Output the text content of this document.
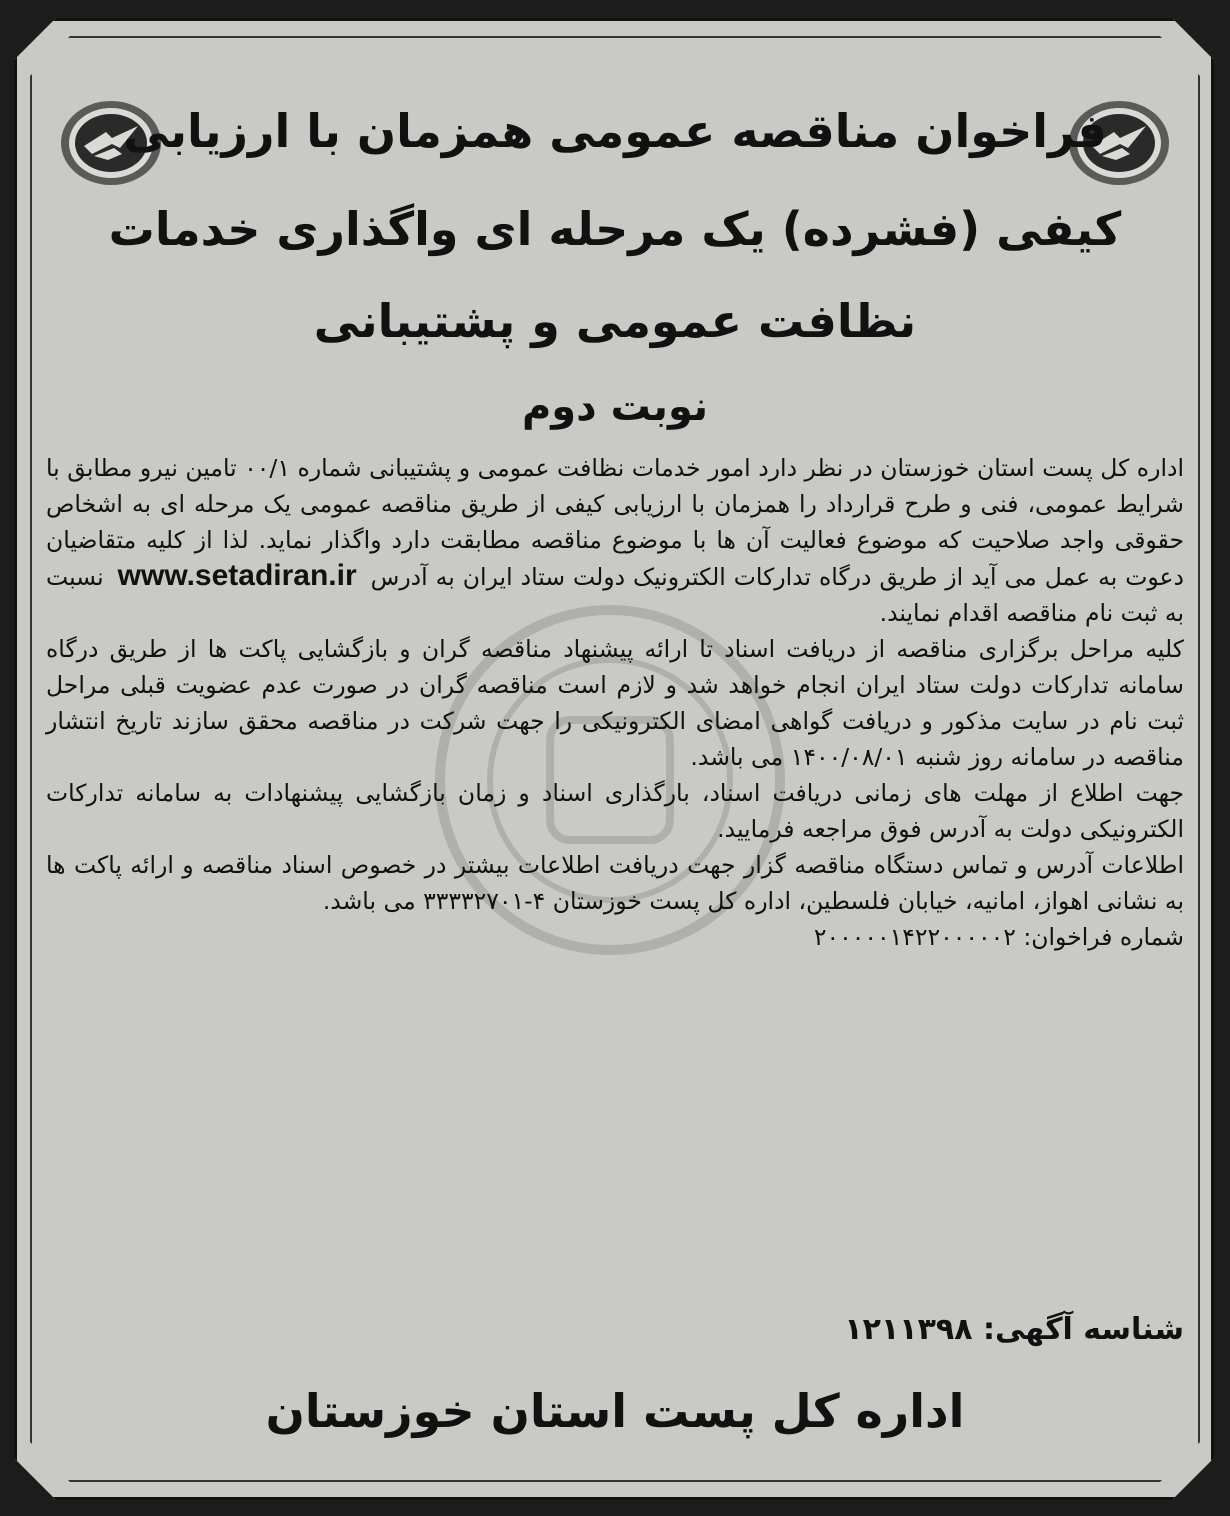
فراخوان مناقصه عمومی همزمان با ارزیابی
کیفی (فشرده) یک مرحله ای واگذاری خدمات
نظافت عمومی و پشتیبانی
نوبت دوم

اداره کل پست استان خوزستان در نظر دارد امور خدمات نظافت عمومی و پشتیبانی شماره ۰۰/۱ تامین نیرو مطابق با شرایط عمومی، فنی و طرح قرارداد را همزمان با ارزیابی کیفی از طریق مناقصه عمومی یک مرحله ای به اشخاص حقوقی واجد صلاحیت که موضوع فعالیت آن ها با موضوع مناقصه مطابقت دارد واگذار نماید. لذا از کلیه متقاضیان دعوت به عمل می آید از طریق درگاه تدارکات الکترونیک دولت ستاد ایران به آدرس www.setadiran.ir نسبت به ثبت نام مناقصه اقدام نمایند.

کلیه مراحل برگزاری مناقصه از دریافت اسناد تا ارائه پیشنهاد مناقصه گران و بازگشایی پاکت ها از طریق درگاه سامانه تدارکات دولت ستاد ایران انجام خواهد شد و لازم است مناقصه گران در صورت عدم عضویت قبلی مراحل ثبت نام در سایت مذکور و دریافت گواهی امضای الکترونیکی را جهت شرکت در مناقصه محقق سازند تاریخ انتشار مناقصه در سامانه روز شنبه ۱۴۰۰/۰۸/۰۱ می باشد.

جهت اطلاع از مهلت های زمانی دریافت اسناد، بارگذاری اسناد و زمان بازگشایی پیشنهادات به سامانه تدارکات الکترونیکی دولت به آدرس فوق مراجعه فرمایید.

اطلاعات آدرس و تماس دستگاه مناقصه گزار جهت دریافت اطلاعات بیشتر در خصوص اسناد مناقصه و ارائه پاکت ها به نشانی اهواز، امانیه، خیابان فلسطین، اداره کل پست خوزستان ۴-۳۳۳۳۲۷۰۱ می باشد.

شماره فراخوان: ۲۰۰۰۰۰۱۴۲۲۰۰۰۰۰۲

شناسه آگهی: ۱۲۱۱۳۹۸
اداره کل پست استان خوزستان
